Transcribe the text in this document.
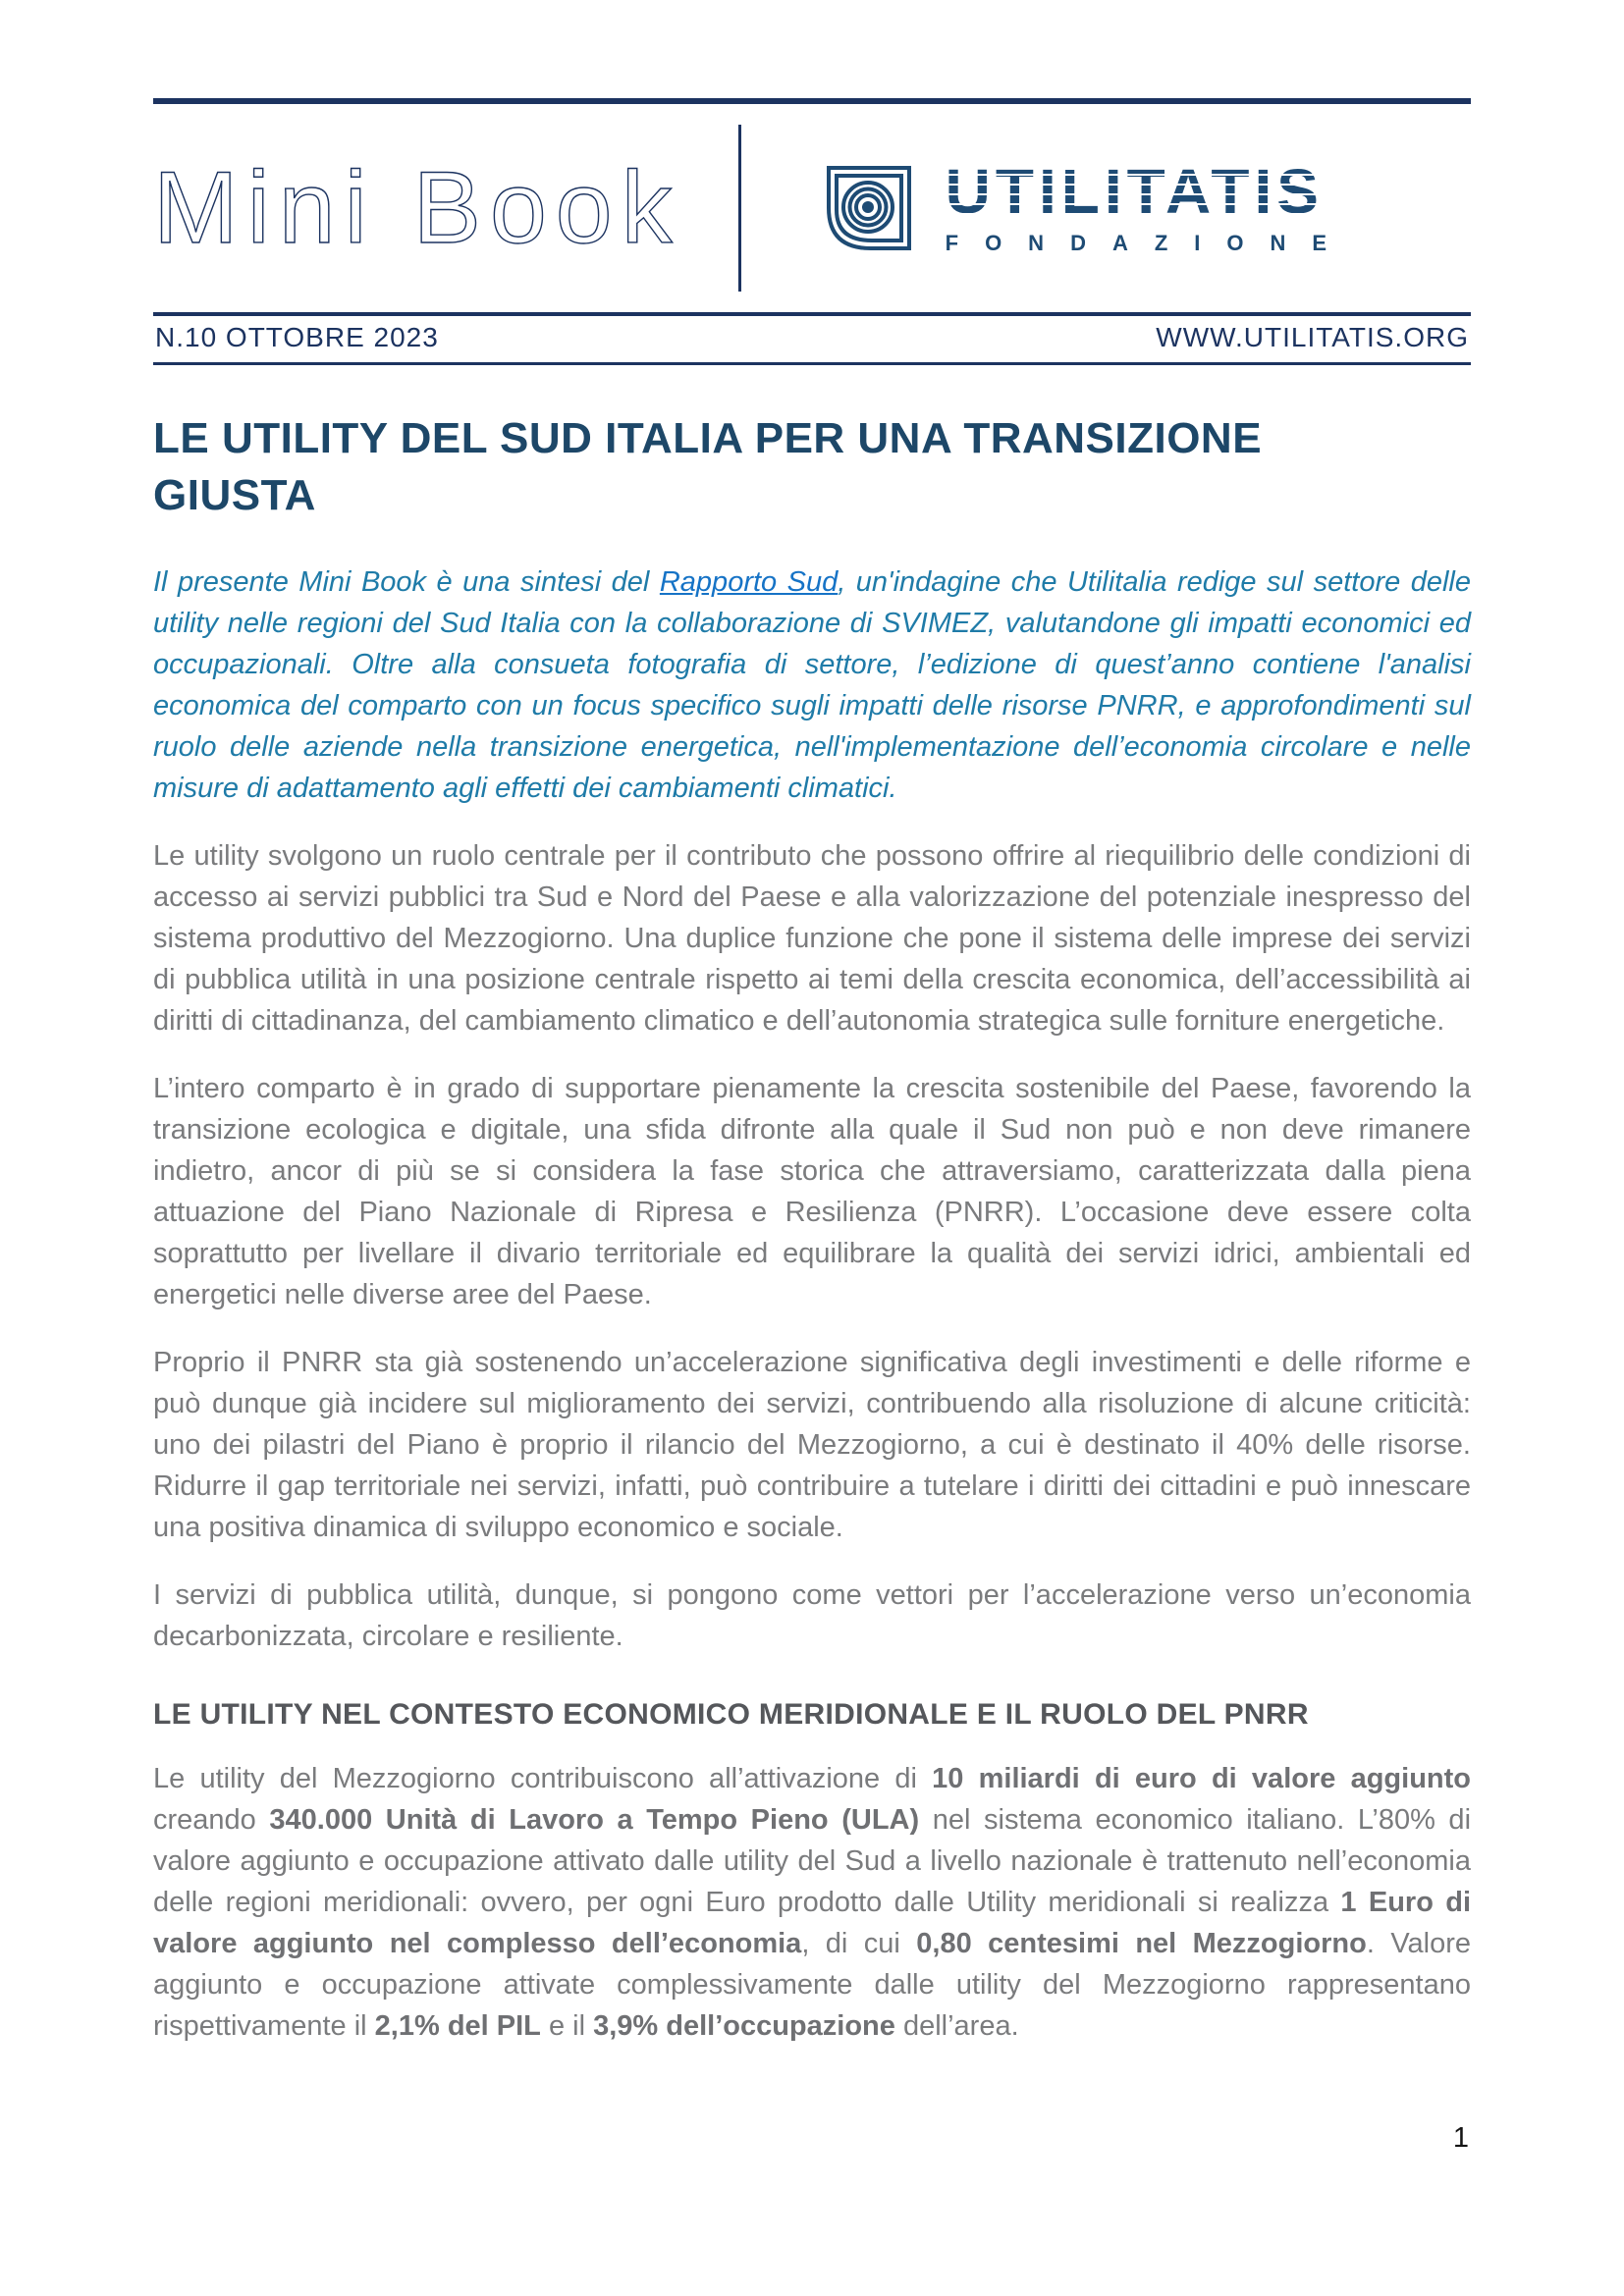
Mini Book	UTILITATIS
FONDAZIONE
N.10 OTTOBRE 2023	WWW.UTILITATIS.ORG
LE UTILITY DEL SUD ITALIA PER UNA TRANSIZIONE GIUSTA

Il presente Mini Book è una sintesi del Rapporto Sud, un'indagine che Utilitalia redige sul settore delle utility nelle regioni del Sud Italia con la collaborazione di SVIMEZ, valutandone gli impatti economici ed occupazionali. Oltre alla consueta fotografia di settore, l’edizione di quest’anno contiene l'analisi economica del comparto con un focus specifico sugli impatti delle risorse PNRR, e approfondimenti sul ruolo delle aziende nella transizione energetica, nell'implementazione dell’economia circolare e nelle misure di adattamento agli effetti dei cambiamenti climatici.

Le utility svolgono un ruolo centrale per il contributo che possono offrire al riequilibrio delle condizioni di accesso ai servizi pubblici tra Sud e Nord del Paese e alla valorizzazione del potenziale inespresso del sistema produttivo del Mezzogiorno. Una duplice funzione che pone il sistema delle imprese dei servizi di pubblica utilità in una posizione centrale rispetto ai temi della crescita economica, dell’accessibilità ai diritti di cittadinanza, del cambiamento climatico e dell’autonomia strategica sulle forniture energetiche.

L’intero comparto è in grado di supportare pienamente la crescita sostenibile del Paese, favorendo la transizione ecologica e digitale, una sfida difronte alla quale il Sud non può e non deve rimanere indietro, ancor di più se si considera la fase storica che attraversiamo, caratterizzata dalla piena attuazione del Piano Nazionale di Ripresa e Resilienza (PNRR). L’occasione deve essere colta soprattutto per livellare il divario territoriale ed equilibrare la qualità dei servizi idrici, ambientali ed energetici nelle diverse aree del Paese.

Proprio il PNRR sta già sostenendo un’accelerazione significativa degli investimenti e delle riforme e può dunque già incidere sul miglioramento dei servizi, contribuendo alla risoluzione di alcune criticità: uno dei pilastri del Piano è proprio il rilancio del Mezzogiorno, a cui è destinato il 40% delle risorse. Ridurre il gap territoriale nei servizi, infatti, può contribuire a tutelare i diritti dei cittadini e può innescare una positiva dinamica di sviluppo economico e sociale.

I servizi di pubblica utilità, dunque, si pongono come vettori per l’accelerazione verso un’economia decarbonizzata, circolare e resiliente.

LE UTILITY NEL CONTESTO ECONOMICO MERIDIONALE E IL RUOLO DEL PNRR

Le utility del Mezzogiorno contribuiscono all’attivazione di 10 miliardi di euro di valore aggiunto creando 340.000 Unità di Lavoro a Tempo Pieno (ULA) nel sistema economico italiano. L’80% di valore aggiunto e occupazione attivato dalle utility del Sud a livello nazionale è trattenuto nell’economia delle regioni meridionali: ovvero, per ogni Euro prodotto dalle Utility meridionali si realizza 1 Euro di valore aggiunto nel complesso dell’economia, di cui 0,80 centesimi nel Mezzogiorno. Valore aggiunto e occupazione attivate complessivamente dalle utility del Mezzogiorno rappresentano rispettivamente il 2,1% del PIL e il 3,9% dell’occupazione dell’area.

1
